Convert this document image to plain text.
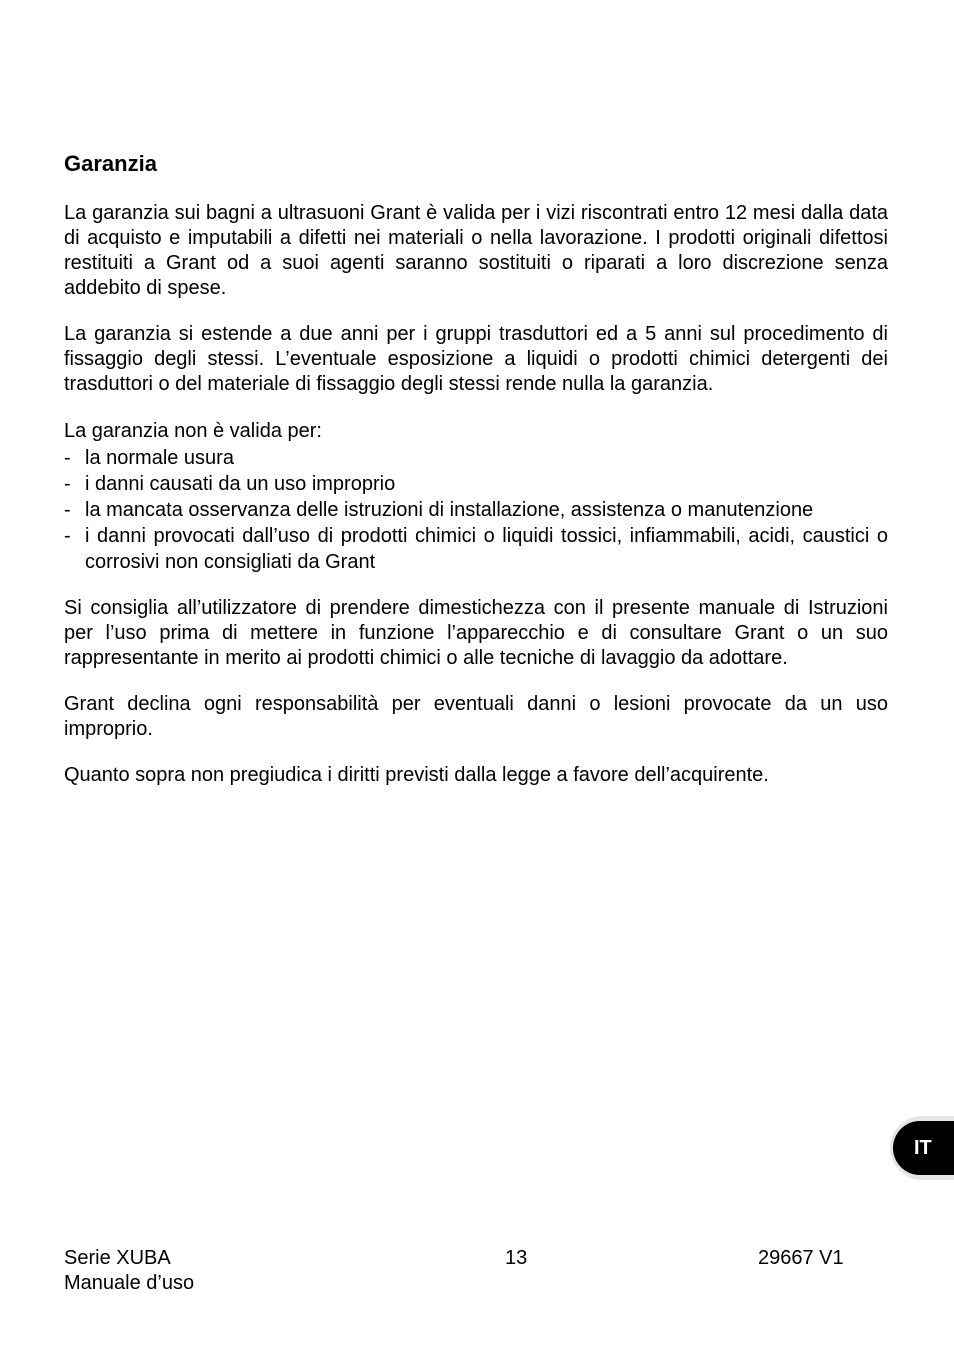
Garanzia

La garanzia sui bagni a ultrasuoni Grant è valida per i vizi riscontrati entro 12 mesi dalla data di acquisto e imputabili a difetti nei materiali o nella lavorazione. I prodotti originali difettosi restituiti a Grant od a suoi agenti saranno sostituiti o riparati a loro discrezione senza addebito di spese.

La garanzia si estende a due anni per i gruppi trasduttori ed a 5 anni sul procedimento di fissaggio degli stessi. L’eventuale esposizione a liquidi o prodotti chimici detergenti dei trasduttori o del materiale di fissaggio degli stessi rende nulla la garanzia.

La garanzia non è valida per:

- la normale usura
- i danni causati da un uso improprio
- la mancata osservanza delle istruzioni di installazione, assistenza o manutenzione
- i danni provocati dall’uso di prodotti chimici o liquidi tossici, infiammabili, acidi, caustici o corrosivi non consigliati da Grant

Si consiglia all’utilizzatore di prendere dimestichezza con il presente manuale di Istruzioni per l’uso prima di mettere in funzione l’apparecchio e di consultare Grant o un suo rappresentante in merito ai prodotti chimici o alle tecniche di lavaggio da adottare.

Grant declina ogni responsabilità per eventuali danni o lesioni provocate da un uso improprio.

Quanto sopra non pregiudica i diritti previsti dalla legge a favore dell’acquirente.

IT
Serie XUBA
Manuale d’uso
13	29667 V1
